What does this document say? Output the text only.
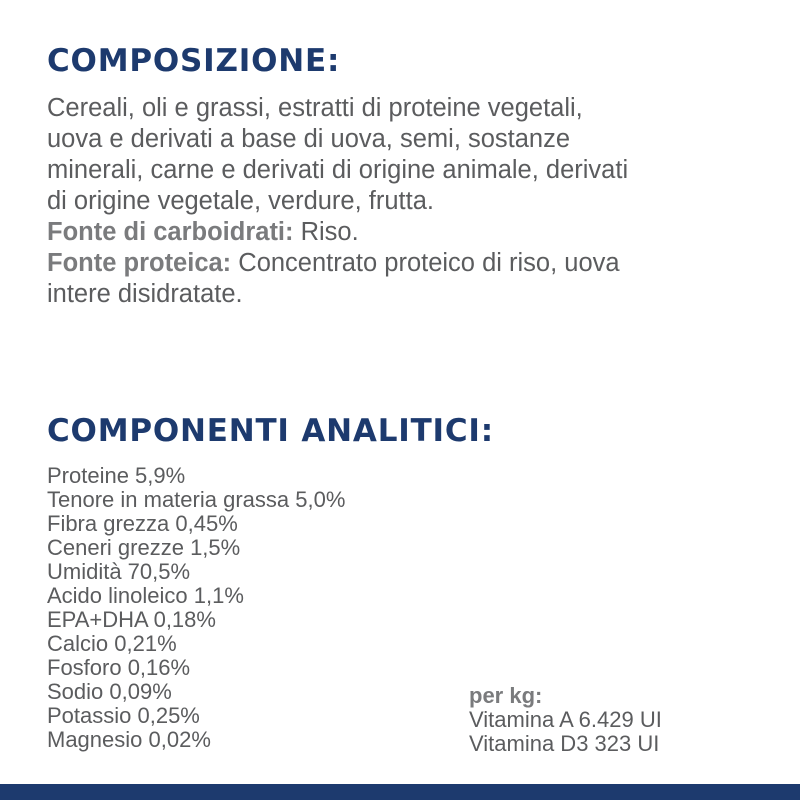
COMPOSIZIONE:

Cereali, oli e grassi, estratti di proteine vegetali,

uova e derivati a base di uova, semi, sostanze

minerali, carne e derivati di origine animale, derivati

di origine vegetale, verdure, frutta.

Fonte di carboidrati: Riso.

Fonte proteica: Concentrato proteico di riso, uova

intere disidratate.

COMPONENTI ANALITICI:
Proteine 5,9%
Tenore in materia grassa 5,0%
Fibra grezza 0,45%
Ceneri grezze 1,5%
Umidità 70,5%
Acido linoleico 1,1%
EPA+DHA 0,18%
Calcio 0,21%
Fosforo 0,16%
Sodio 0,09%
Potassio 0,25%
Magnesio 0,02%
per kg:
Vitamina A 6.429 UI
Vitamina D3 323 UI
